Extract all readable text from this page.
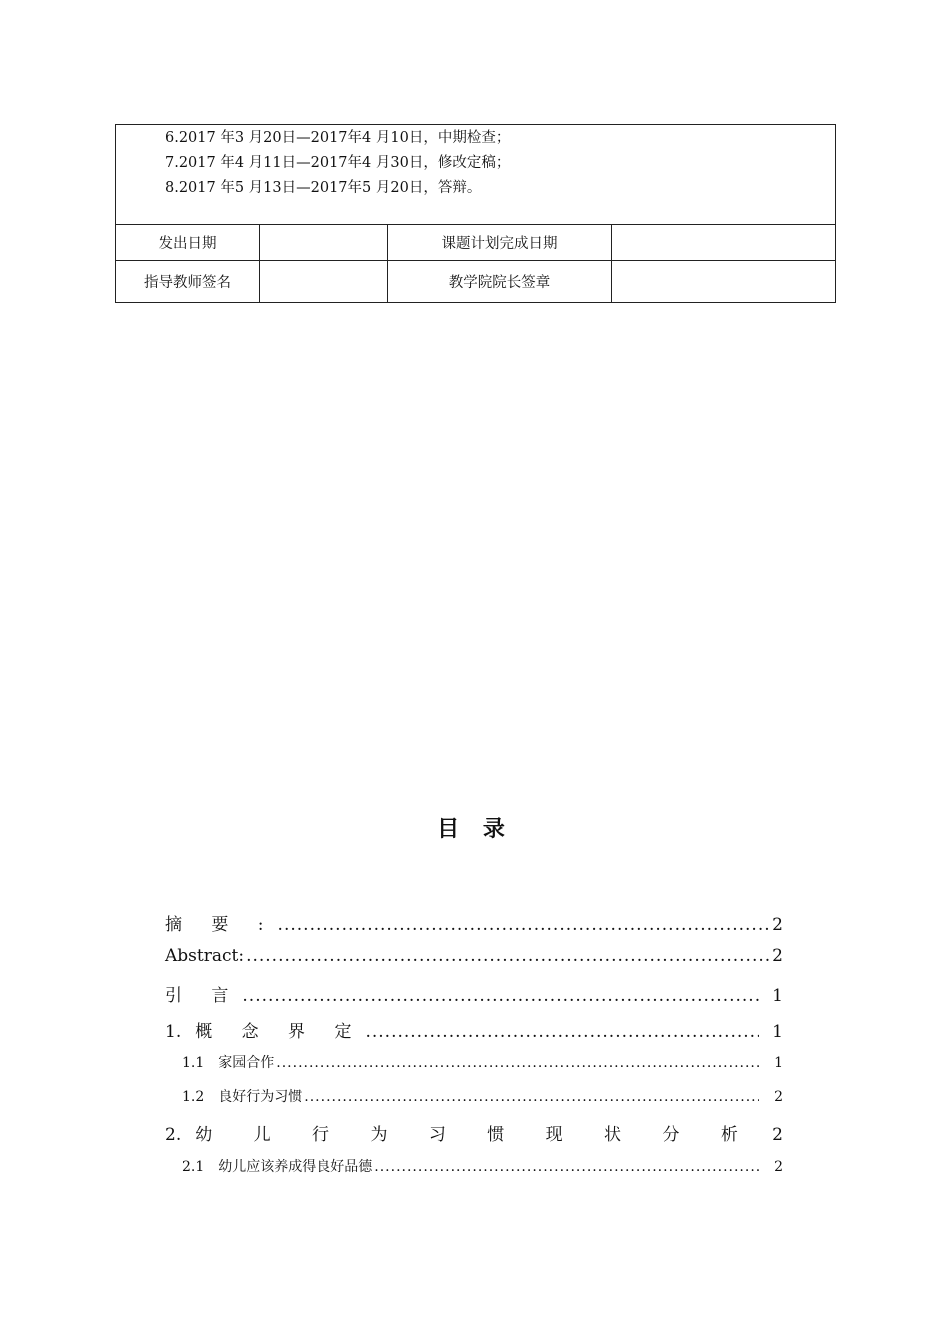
6.2017 年3 月20日—2017年4 月10日，中期检查；
7.2017 年4 月11日—2017年4 月30日，修改定稿；
8.2017 年5 月13日—2017年5 月20日，答辩。			

发出日期		课题计划完成日期	
指导教师签名		教学院院长签章	
目 录
摘 要 : .....	2
Abstract: .....	2
引 言 .....	1
1. 概 念 界 定 .....	1
1.1 家园合作 .....	1
1.2 良好行为习惯 .....	2
2. 幼 儿 行 为 习 惯 现 状 分 析 ..... 2
2.1 幼儿应该养成得良好品德 .....	2
